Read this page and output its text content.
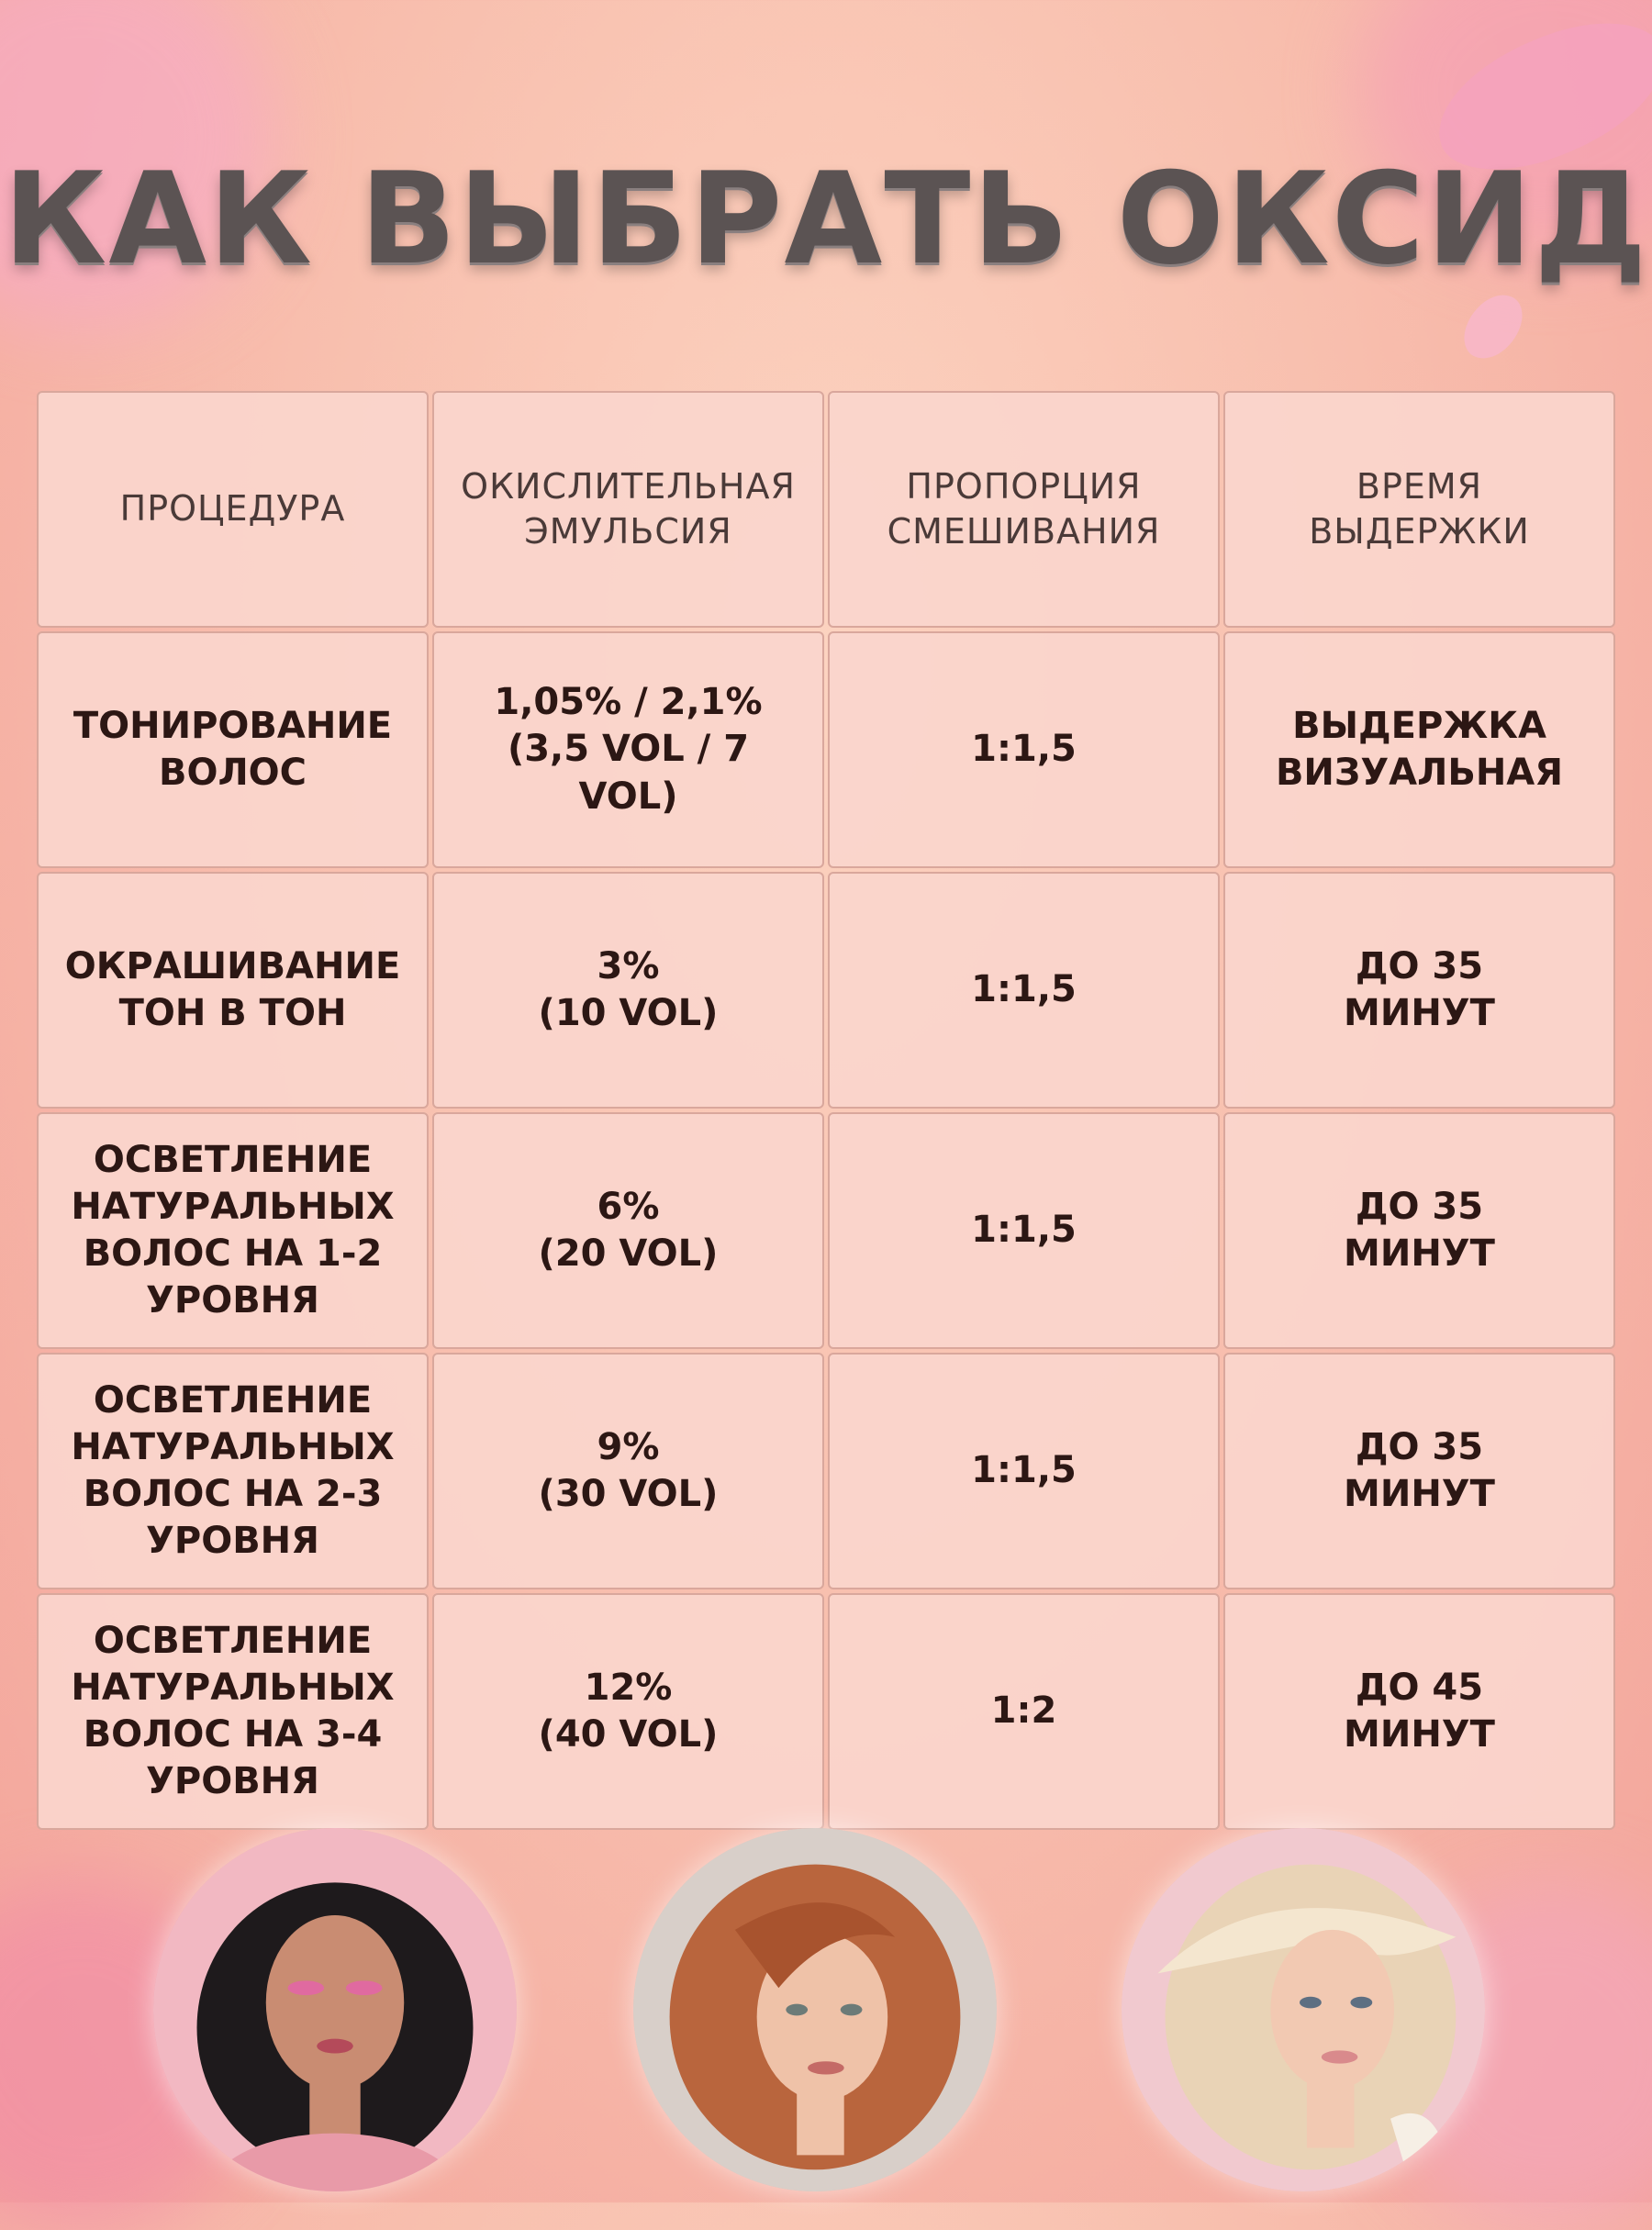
КАК ВЫБРАТЬ ОКСИД
ПРОЦЕДУРА
ОКИСЛИТЕЛЬНАЯ
ЭМУЛЬСИЯ
ПРОПОРЦИЯ
СМЕШИВАНИЯ
ВРЕМЯ
ВЫДЕРЖКИ
ТОНИРОВАНИЕ
ВОЛОС
1,05% / 2,1%
(3,5 VOL / 7 VOL)
1:1,5
ВЫДЕРЖКА
ВИЗУАЛЬНАЯ
ОКРАШИВАНИЕ
ТОН В ТОН
3%
(10 VOL)
1:1,5
ДО 35
МИНУТ
ОСВЕТЛЕНИЕ
НАТУРАЛЬНЫХ
ВОЛОС НА 1-2
УРОВНЯ
6%
(20 VOL)
1:1,5
ДО 35
МИНУТ
ОСВЕТЛЕНИЕ
НАТУРАЛЬНЫХ
ВОЛОС НА 2-3
УРОВНЯ
9%
(30 VOL)
1:1,5
ДО 35
МИНУТ
ОСВЕТЛЕНИЕ
НАТУРАЛЬНЫХ
ВОЛОС НА 3-4
УРОВНЯ
12%
(40 VOL)
1:2
ДО 45
МИНУТ
